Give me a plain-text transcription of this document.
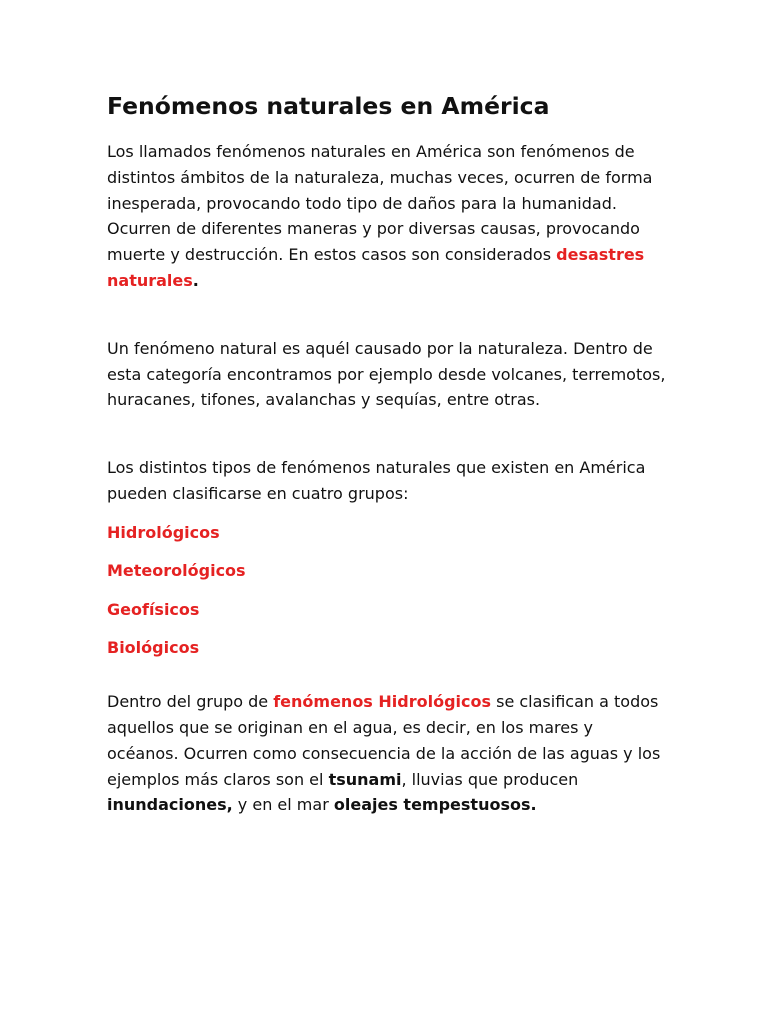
Fenómenos naturales en América

Los llamados fenómenos naturales en América son fenómenos de distintos ámbitos de la naturaleza, muchas veces, ocurren de forma inesperada, provocando todo tipo de daños para la humanidad. Ocurren de diferentes maneras y por diversas causas, provocando muerte y destrucción. En estos casos son considerados desastres naturales.

Un fenómeno natural es aquél causado por la naturaleza. Dentro de esta categoría encontramos por ejemplo desde volcanes, terremotos, huracanes, tifones, avalanchas y sequías, entre otras.

Los distintos tipos de fenómenos naturales que existen en América pueden clasificarse en cuatro grupos:

Hidrológicos
Meteorológicos
Geofísicos
Biológicos

Dentro del grupo de fenómenos Hidrológicos se clasifican a todos aquellos que se originan en el agua, es decir, en los mares y océanos. Ocurren como consecuencia de la acción de las aguas y los ejemplos más claros son el tsunami, lluvias que producen inundaciones, y en el mar oleajes tempestuosos.
